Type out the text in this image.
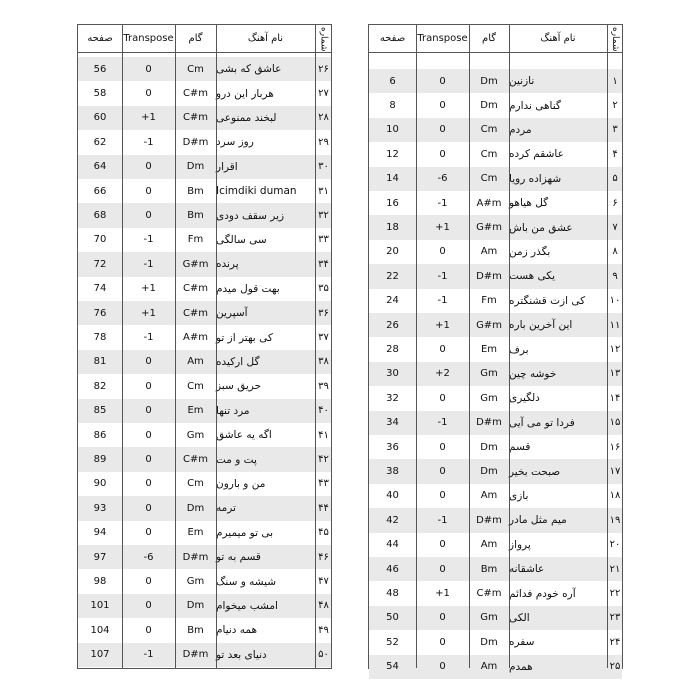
صفحه	Transpose	گام	نام آهنگ	شماره
56	0	Cm	عاشق که بشی	۲۶
58	0	C#m هربار این درو	۲۷
60	+1	C#m لبخند ممنوعی	۲۸
62	-1	D#m روز سرد	۲۹
64	0	Dm	اقرار	۳۰
66	0	Bm	Icimdiki duman	۳۱
68	0	Bm	زیر سقف دودی	۳۲
70	-1	Fm	سی سالگی	۳۳
72	-1	G#m پرنده	۳۴
74	+1	C#m بهت قول میدم	۳۵
76	+1	C#m آسپرین	۳۶
78	-1	A#m کی بهتر از تو	۳۷
81	0	Am	گل ارکیده	۳۸
82	0	Cm	حریق سبز	۳۹
85	0	Em	مرد تنها	۴۰
86	0	Gm	اگه یه عاشق	۴۱
89	0	C#m پت و مت	۴۲
90	0	Cm	من و بارون	۴۳
93	0	Dm	ترمه	۴۴
94	0	Em	بی تو میمیرم	۴۵
97	-6	D#m قسم به تو	۴۶
98	0	Gm	شیشه و سنگ	۴۷
101	0	Dm	امشب میخوام	۴۸
104	0	Bm	همه دنیام	۴۹
107	-1	D#m دنیای بعد تو	۵۰
صفحه	Transpose	گام	نام آهنگ	شماره
6	0	Dm	نازنین	۱
8	0	Dm	گناهی ندارم	۲
10	0	Cm	مردم	۳
12	0	Cm	عاشقم کرده	۴
14	-6	Cm	شهزاده رویا	۵
16	-1	A#m گل هیاهو	۶
18	+1	G#m عشق من باش	۷
20	0	Am	بگذر زمن	۸
22	-1	D#m یکی هست	۹
24	-1	Fm	کی ازت قشنگتره	۱۰
26	+1	G#m این آخرین باره	۱۱
28	0	Em	برف	۱۲
30	+2	Gm	خوشه چین	۱۳
32	0	Gm	دلگیری	۱۴
34	-1	D#m فردا تو می آیی	۱۵
36	0	Dm	قسم	۱۶
38	0	Dm	صبحت بخیر	۱۷
40	0	Am	بازی	۱۸
42	-1	D#m میم مثل مادر	۱۹
44	0	Am	پرواز	۲۰
46	0	Bm	عاشقانه	۲۱
48	+1	C#m آره خودم فدائم	۲۲
50	0	Gm	الکی	۲۳
52	0	Dm	سفره	۲۴
54	0	Am	همدم	۲۵
